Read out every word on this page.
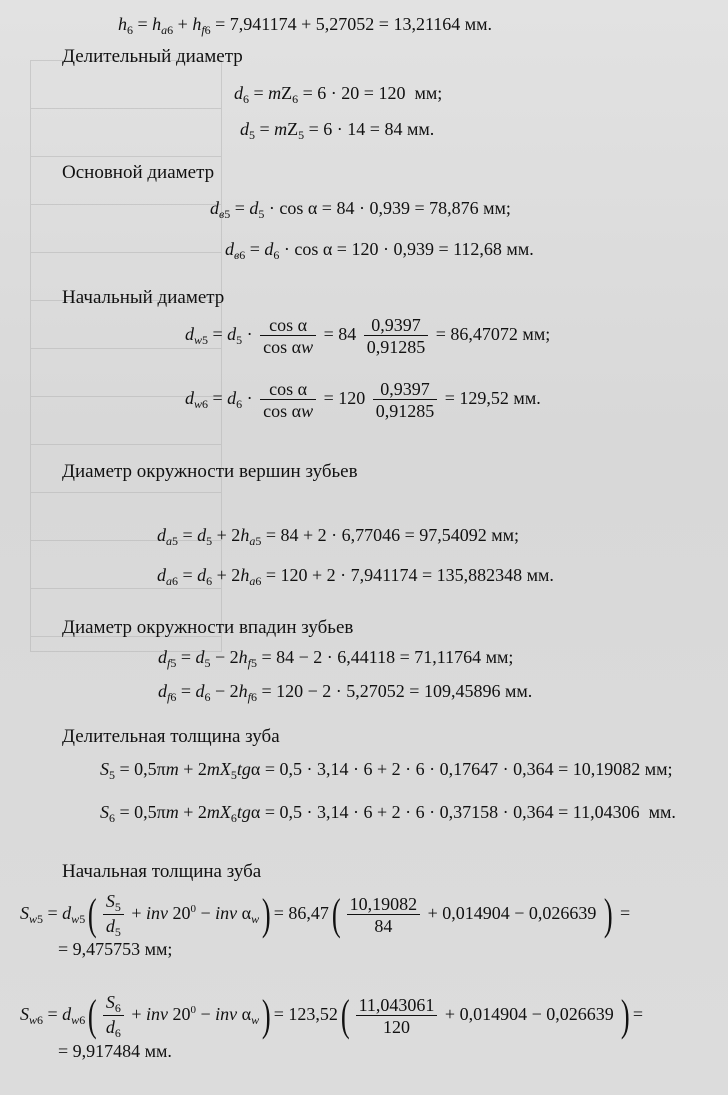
$h_6 = h_{a6} + h_{f6} = 7,941174 + 5,27052 = 13,21164$ мм.
Делительный диаметр
$d_6 = mZ_6 = 6 \cdot 20 = 120$  мм;
$d_5 = mZ_5 = 6 \cdot 14 = 84$ мм.
Основной диаметр
$d_{в5} = d_5 \cdot \cos \alpha = 84 \cdot 0,939 = 78,876$ мм;
$d_{в6} = d_6 \cdot \cos \alpha = 120 \cdot 0,939 = 112,68$ мм.
Начальный диаметр
$d_{w5} = d_5 \cdot \frac{\text{cos α}}{\text{cos αw}} = 84 \frac{0,9397}{0,91285} = 86,47072$ мм;
$d_{w6} = d_6 \cdot \frac{\text{cos α}}{\text{cos αw}} = 120 \frac{0,9397}{0,91285} = 129,52$ мм.
Диаметр окружности вершин зубьев
$d_{a5} = d_5 + 2h_{a5} = 84 + 2 \cdot 6,77046 = 97,54092$ мм;
$d_{a6} = d_6 + 2h_{a6} = 120 + 2 \cdot 7,941174 = 135,882348$ мм.
Диаметр окружности впадин зубьев
$d_{f5} = d_5 - 2h_{f5} = 84 - 2 \cdot 6,44118 = 71,11764$ мм;
$d_{f6} = d_6 - 2h_{f6} = 120 - 2 \cdot 5,27052 = 109,45896$ мм.
Делительная толщина зуба
$S_5 = 0,5\pi m + 2mX_5tg\alpha = 0,5 \cdot 3,14 \cdot 6 + 2 \cdot 6 \cdot 0,17647 \cdot 0,364 = 10,19082$ мм;
$S_6 = 0,5\pi m + 2mX_6tg\alpha = 0,5 \cdot 3,14 \cdot 6 + 2 \cdot 6 \cdot 0,37158 \cdot 0,364 = 11,04306$  мм.
Начальная толщина зуба
$S_{w5} = d_{w5}( \frac{S_5}{d_5}$ + inv $20^0$ − inv $\alpha_w) = 86,47( \frac{10,19082}{84} + 0,014904 - 0,026639$ ) =
= 9,475753 мм;
$S_{w6} = d_{w6}( \frac{S_6}{d_6}$ + inv $20^0$ − inv $\alpha_w) = 123,52( \frac{11,043061}{120} + 0,014904 - 0,026639$ ) =
= 9,917484 мм.
